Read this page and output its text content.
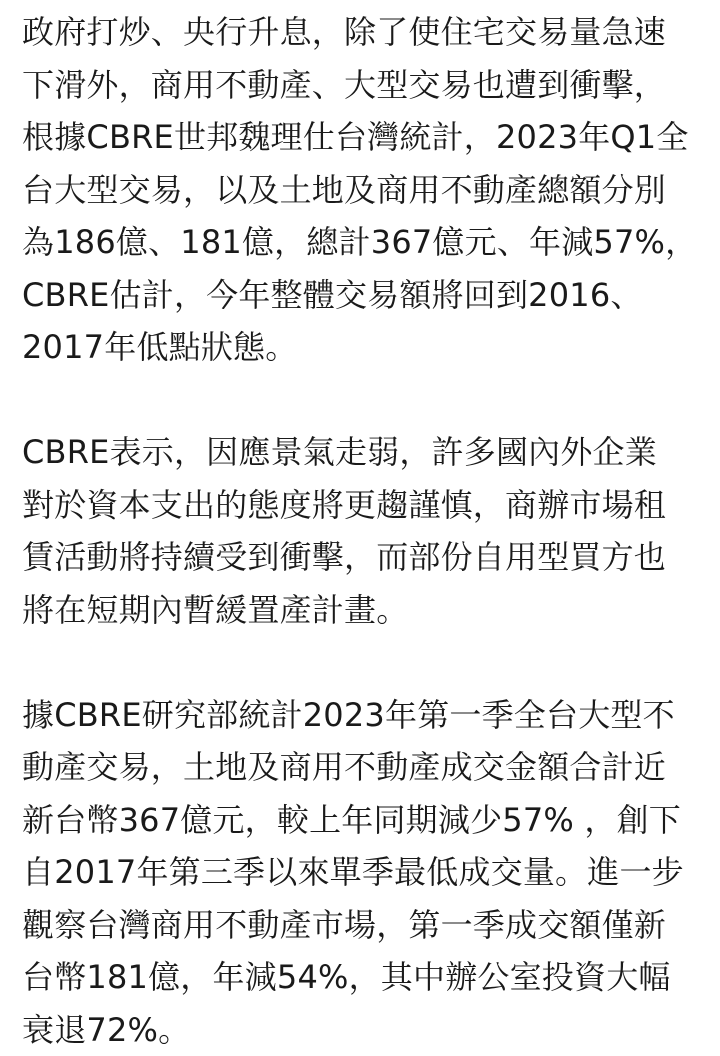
政府打炒、央行升息，除了使住宅交易量急速
下滑外，商用不動產、大型交易也遭到衝擊，
根據CBRE世邦魏理仕台灣統計，2023年Q1全
台大型交易，以及土地及商用不動產總額分別
為186億、181億，總計367億元、年減57%，
CBRE估計，今年整體交易額將回到2016、
2017年低點狀態。
CBRE表示，因應景氣走弱，許多國內外企業
對於資本支出的態度將更趨謹慎，商辦市場租
賃活動將持續受到衝擊，而部份自用型買方也
將在短期內暫緩置產計畫。
據CBRE研究部統計2023年第一季全台大型不
動產交易，土地及商用不動產成交金額合計近
新台幣367億元，較上年同期減少57% ，創下
自2017年第三季以來單季最低成交量。進一步
觀察台灣商用不動產市場，第一季成交額僅新
台幣181億，年減54%，其中辦公室投資大幅
衰退72%。
